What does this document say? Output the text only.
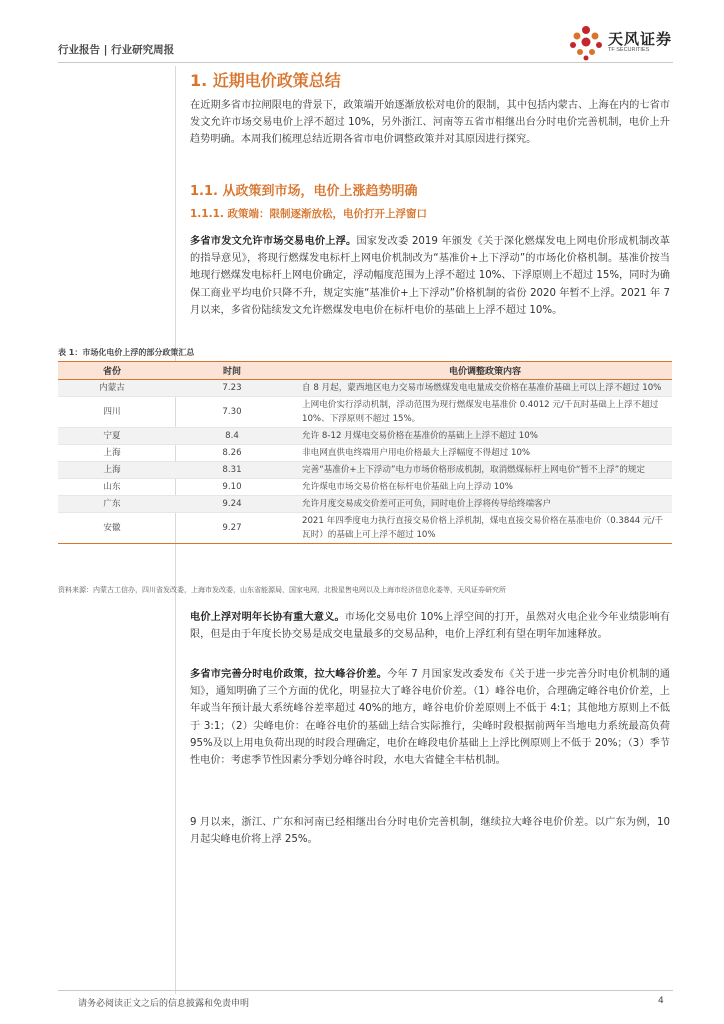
行业报告 | 行业研究周报
天风证券
TF SECURITIES
1. 近期电价政策总结
在近期多省市拉闸限电的背景下，政策端开始逐渐放松对电价的限制，其中包括内蒙古、上海在内的七省市发文允许市场交易电价上浮不超过 10%，另外浙江、河南等五省市相继出台分时电价完善机制，电价上升趋势明确。本周我们梳理总结近期各省市电价调整政策并对其原因进行探究。
1.1. 从政策到市场，电价上涨趋势明确
1.1.1. 政策端：限制逐渐放松，电价打开上浮窗口
多省市发文允许市场交易电价上浮。国家发改委 2019 年颁发《关于深化燃煤发电上网电价形成机制改革的指导意见》，将现行燃煤发电标杆上网电价机制改为“基准价+上下浮动”的市场化价格机制。基准价按当地现行燃煤发电标杆上网电价确定，浮动幅度范围为上浮不超过 10%、下浮原则上不超过 15%，同时为确保工商业平均电价只降不升，规定实施“基准价+上下浮动”价格机制的省份 2020 年暂不上浮。2021 年 7 月以来，多省份陆续发文允许燃煤发电电价在标杆电价的基础上上浮不超过 10%。
表 1：市场化电价上浮的部分政策汇总
省份	时间	电价调整政策内容
内蒙古	7.23	自 8 月起，蒙西地区电力交易市场燃煤发电电量成交价格在基准价基础上可以上浮不超过 10%
四川	7.30	上网电价实行浮动机制，浮动范围为现行燃煤发电基准价 0.4012 元/千瓦时基础上上浮不超过 10%、下浮原则不超过 15%。
宁夏	8.4	允许 8-12 月煤电交易价格在基准价的基础上上浮不超过 10%
上海	8.26	非电网直供电终端用户用电价格最大上浮幅度不得超过 10%
上海	8.31	完善“基准价+上下浮动”电力市场价格形成机制，取消燃煤标杆上网电价“暂不上浮”的规定
山东	9.10	允许煤电市场交易价格在标杆电价基础上向上浮动 10%
广东	9.24	允许月度交易成交价差可正可负，同时电价上浮将传导给终端客户
安徽	9.27	2021 年四季度电力执行直接交易价格上浮机制，煤电直接交易价格在基准电价（0.3844 元/千瓦时）的基础上可上浮不超过 10%
资料来源：内蒙古工信办，四川省发改委，上海市发改委，山东省能源局，国家电网，北极星售电网以及上海市经济信息化委等，天风证券研究所
电价上浮对明年长协有重大意义。市场化交易电价 10%上浮空间的打开，虽然对火电企业今年业绩影响有限，但是由于年度长协交易是成交电量最多的交易品种，电价上浮红利有望在明年加速释放。
多省市完善分时电价政策，拉大峰谷价差。今年 7 月国家发改委发布《关于进一步完善分时电价机制的通知》，通知明确了三个方面的优化，明显拉大了峰谷电价价差。（1）峰谷电价，合理确定峰谷电价价差，上年或当年预计最大系统峰谷差率超过 40%的地方，峰谷电价价差原则上不低于 4:1；其他地方原则上不低于 3:1；（2）尖峰电价：在峰谷电价的基础上结合实际推行，尖峰时段根据前两年当地电力系统最高负荷 95%及以上用电负荷出现的时段合理确定，电价在峰段电价基础上上浮比例原则上不低于 20%；（3）季节性电价：考虑季节性因素分季划分峰谷时段，水电大省健全丰枯机制。
9 月以来，浙江、广东和河南已经相继出台分时电价完善机制，继续拉大峰谷电价价差。以广东为例，10 月起尖峰电价将上浮 25%。
请务必阅读正文之后的信息披露和免责申明	4
